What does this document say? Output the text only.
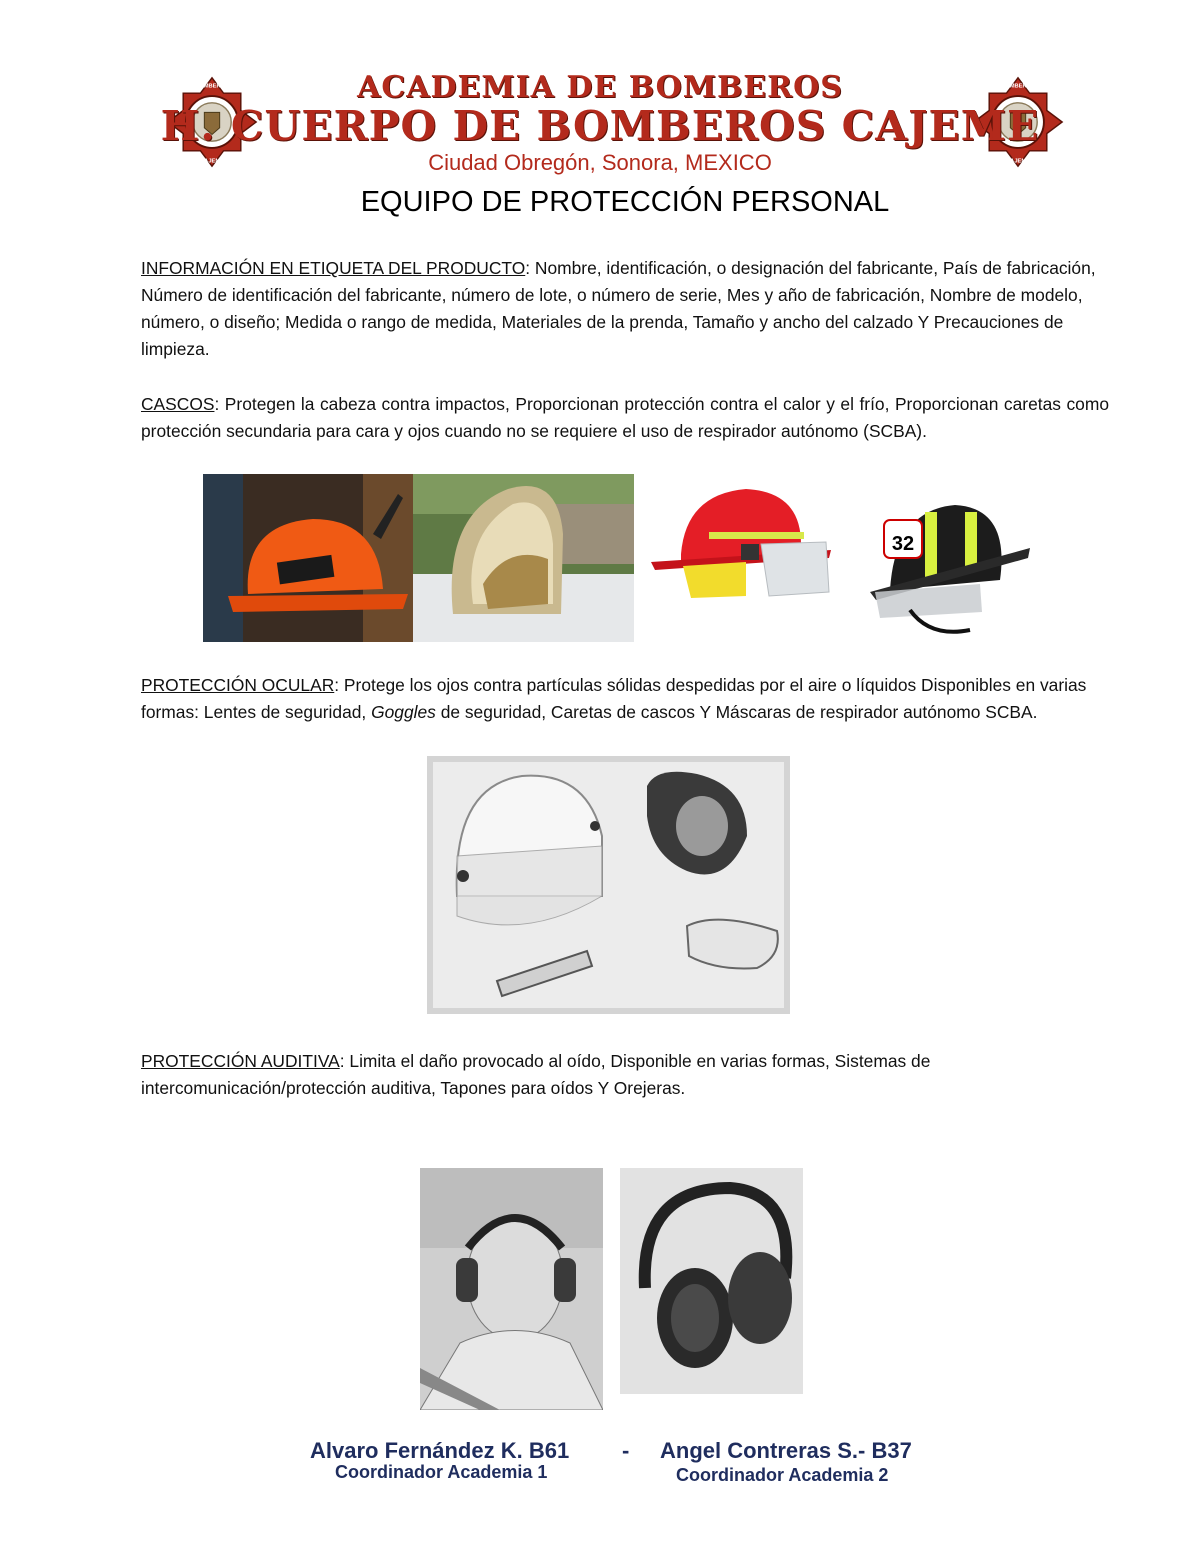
BOMBEROS
CAJEME
BOMBEROS
CAJEME
ACADEMIA DE BOMBEROS
H. CUERPO DE BOMBEROS CAJEME
Ciudad Obregón, Sonora, MEXICO
EQUIPO DE PROTECCIÓN PERSONAL
INFORMACIÓN EN ETIQUETA DEL PRODUCTO: Nombre, identificación, o designación del fabricante, País de fabricación, Número de identificación del fabricante, número de lote, o número de serie, Mes y año de fabricación, Nombre de modelo, número, o diseño; Medida o rango de medida, Materiales de la prenda, Tamaño y ancho del calzado Y Precauciones de limpieza.
CASCOS: Protegen la cabeza contra impactos, Proporcionan protección contra el calor y el frío, Proporcionan caretas como protección secundaria para cara y ojos cuando no se requiere el uso de respirador autónomo (SCBA).
32
PROTECCIÓN OCULAR: Protege los ojos contra partículas sólidas despedidas por el aire o líquidos Disponibles en varias formas: Lentes de seguridad, Goggles de seguridad, Caretas de cascos Y Máscaras de respirador autónomo SCBA.
PROTECCIÓN AUDITIVA: Limita el daño provocado al oído, Disponible en varias formas, Sistemas de intercomunicación/protección auditiva, Tapones para oídos Y Orejeras.
Alvaro Fernández K. B61 - Angel Contreras S.- B37
Coordinador Academia 1	Coordinador Academia 2
